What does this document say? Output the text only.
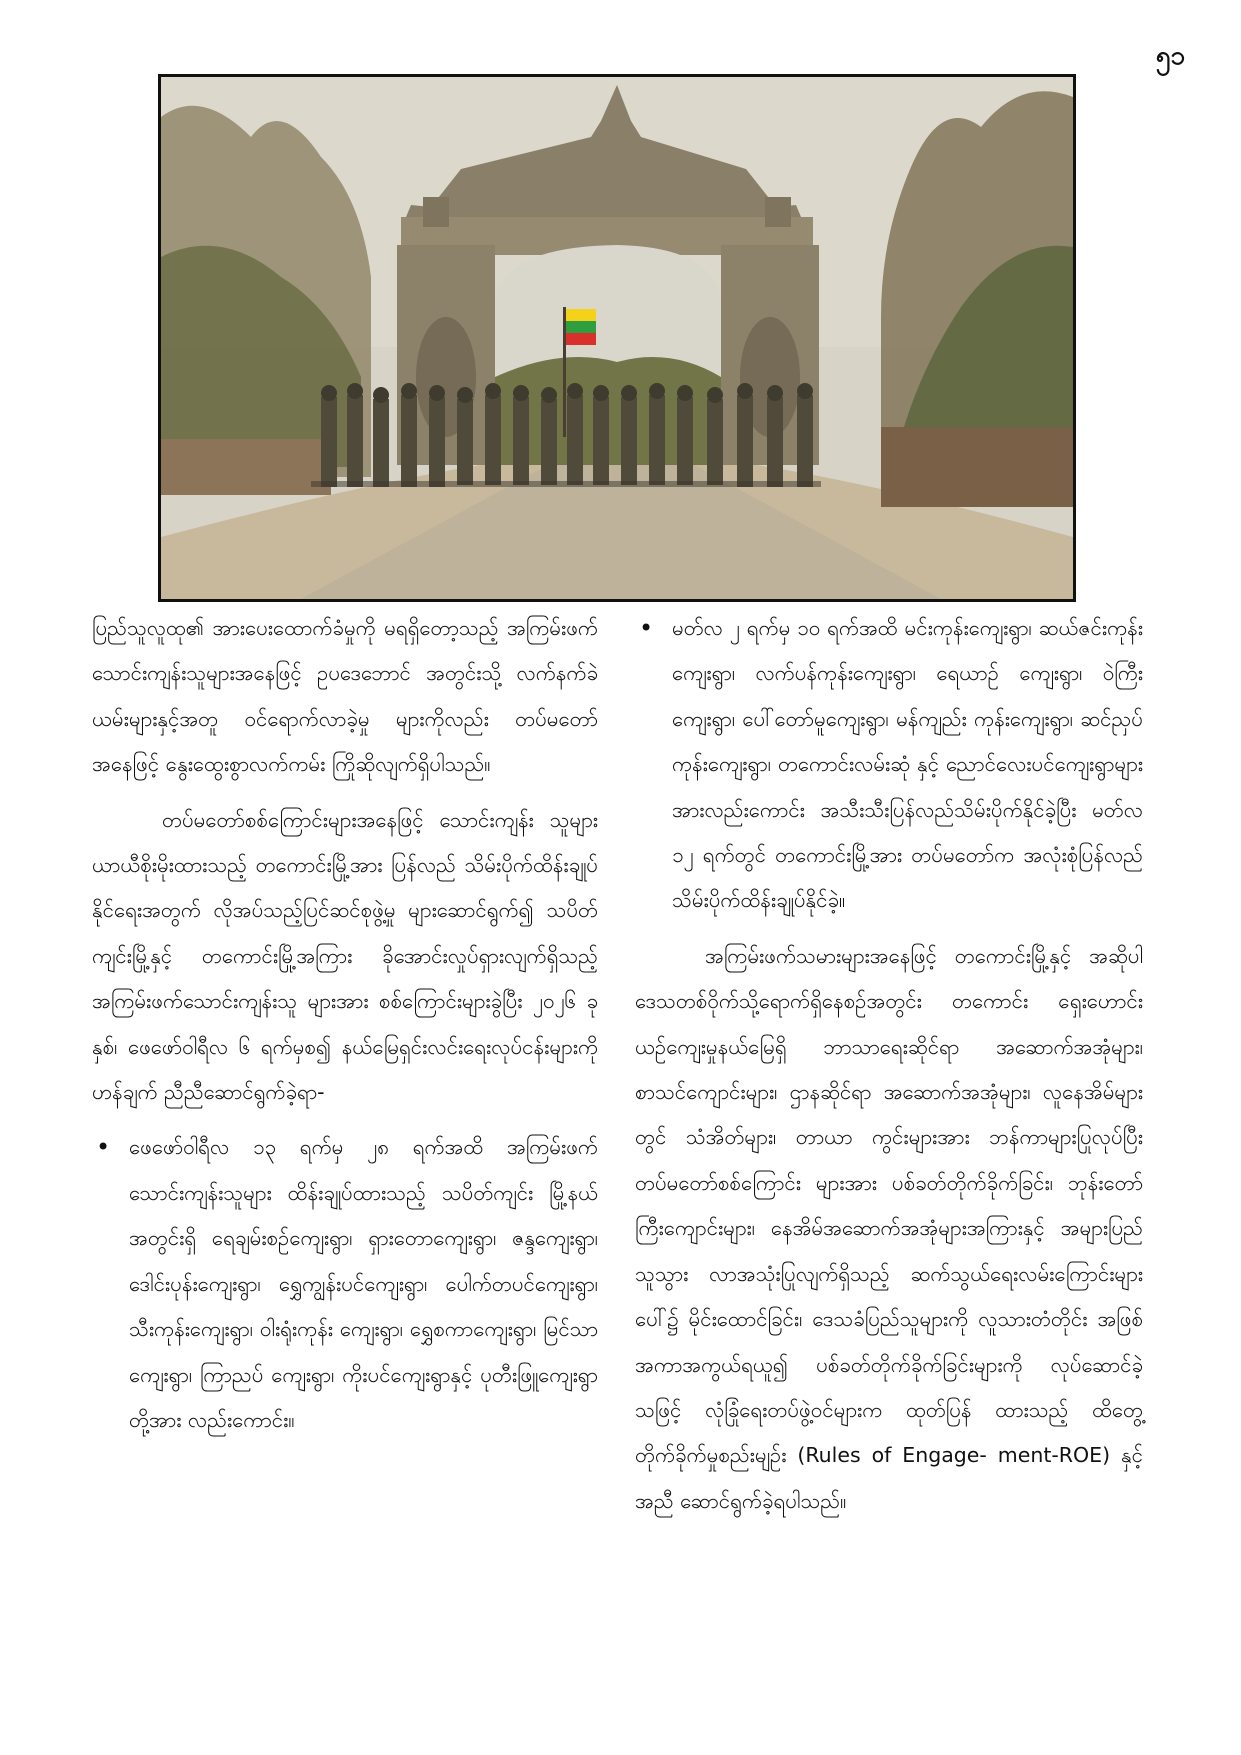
၅၁

ပြည်သူလူထု၏ အားပေးထောက်ခံမှုကို မရရှိတော့သည့် အကြမ်းဖက်သောင်းကျန်းသူများအနေဖြင့် ဥပဒေဘောင် အတွင်းသို့ လက်နက်ခဲယမ်းများနှင့်အတူ ဝင်ရောက်လာခဲ့မှု များကိုလည်း တပ်မတော်အနေဖြင့် နွေးထွေးစွာလက်ကမ်း ကြိုဆိုလျက်ရှိပါသည်။

တပ်မတော်စစ်ကြောင်းများအနေဖြင့် သောင်းကျန်း သူများယာယီစိုးမိုးထားသည့် တကောင်းမြို့အား ပြန်လည် သိမ်းပိုက်ထိန်းချုပ်နိုင်ရေးအတွက် လိုအပ်သည့်ပြင်ဆင်စုဖွဲ့မှု များဆောင်ရွက်၍ သပိတ်ကျင်းမြို့နှင့် တကောင်းမြို့အကြား ခိုအောင်းလှုပ်ရှားလျက်ရှိသည့် အကြမ်းဖက်သောင်းကျန်းသူ များအား စစ်ကြောင်းများခွဲပြီး ၂၀၂၆ ခုနှစ်၊ ဖေဖော်ဝါရီလ ၆ ရက်မှစ၍ နယ်မြေရှင်းလင်းရေးလုပ်ငန်းများကို ဟန်ချက် ညီညီဆောင်ရွက်ခဲ့ရာ-

• ဖေဖော်ဝါရီလ ၁၃ ရက်မှ ၂၈ ရက်အထိ အကြမ်းဖက် သောင်းကျန်းသူများ ထိန်းချုပ်ထားသည့် သပိတ်ကျင်း မြို့နယ်အတွင်းရှိ ရေချမ်းစဉ်ကျေးရွာ၊ ရှားတောကျေးရွာ၊ ဇန္ဒကျေးရွာ၊ ဒေါင်းပုန်းကျေးရွာ၊ ရွှေကျွန်းပင်ကျေးရွာ၊ ပေါက်တပင်ကျေးရွာ၊ သီးကုန်းကျေးရွာ၊ ဝါးရုံးကုန်း ကျေးရွာ၊ ရွှေစကာကျေးရွာ၊ မြင်သာကျေးရွာ၊ ကြာညပ် ကျေးရွာ၊ ကိုးပင်ကျေးရွာနှင့် ပုတီးဖြူကျေးရွာတို့အား လည်းကောင်း။
• မတ်လ ၂ ရက်မှ ၁၀ ရက်အထိ မင်းကုန်းကျေးရွာ၊ ဆယ်ဇင်းကုန်းကျေးရွာ၊ လက်ပန်ကုန်းကျေးရွာ၊ ရေယာဉ် ကျေးရွာ၊ ဝဲကြီးကျေးရွာ၊ ပေါ်တော်မူကျေးရွာ၊ မန်ကျည်း ကုန်းကျေးရွာ၊ ဆင်ညှပ်ကုန်းကျေးရွာ၊ တကောင်းလမ်းဆုံ နှင့် ညောင်လေးပင်ကျေးရွာများအားလည်းကောင်း အသီးသီးပြန်လည်သိမ်းပိုက်နိုင်ခဲ့ပြီး မတ်လ ၁၂ ရက်တွင် တကောင်းမြို့အား တပ်မတော်က အလုံးစုံပြန်လည် သိမ်းပိုက်ထိန်းချုပ်နိုင်ခဲ့။

အကြမ်းဖက်သမားများအနေဖြင့် တကောင်းမြို့နှင့် အဆိုပါဒေသတစ်ဝိုက်သို့ရောက်ရှိနေစဉ်အတွင်း တကောင်း ရှေးဟောင်းယဉ်ကျေးမှုနယ်မြေရှိ ဘာသာရေးဆိုင်ရာ အဆောက်အအုံများ၊ စာသင်ကျောင်းများ၊ ဌာနဆိုင်ရာ အဆောက်အအုံများ၊ လူနေအိမ်များတွင် သံအိတ်များ၊ တာယာ ကွင်းများအား ဘန်ကာများပြုလုပ်ပြီး တပ်မတော်စစ်ကြောင်း များအား ပစ်ခတ်တိုက်ခိုက်ခြင်း၊ ဘုန်းတော်ကြီးကျောင်းများ၊ နေအိမ်အဆောက်အအုံများအကြားနှင့် အများပြည်သူသွား လာအသုံးပြုလျက်ရှိသည့် ဆက်သွယ်ရေးလမ်းကြောင်းများ ပေါ်၌ မိုင်းထောင်ခြင်း၊ ဒေသခံပြည်သူများကို လူသားတံတိုင်း အဖြစ် အကာအကွယ်ရယူ၍ ပစ်ခတ်တိုက်ခိုက်ခြင်းများကို လုပ်ဆောင်ခဲ့သဖြင့် လုံခြုံရေးတပ်ဖွဲ့ဝင်များက ထုတ်ပြန် ထားသည့် ထိတွေ့တိုက်ခိုက်မှုစည်းမျဉ်း (Rules of Engage- ment-ROE) နှင့်အညီ ဆောင်ရွက်ခဲ့ရပါသည်။
